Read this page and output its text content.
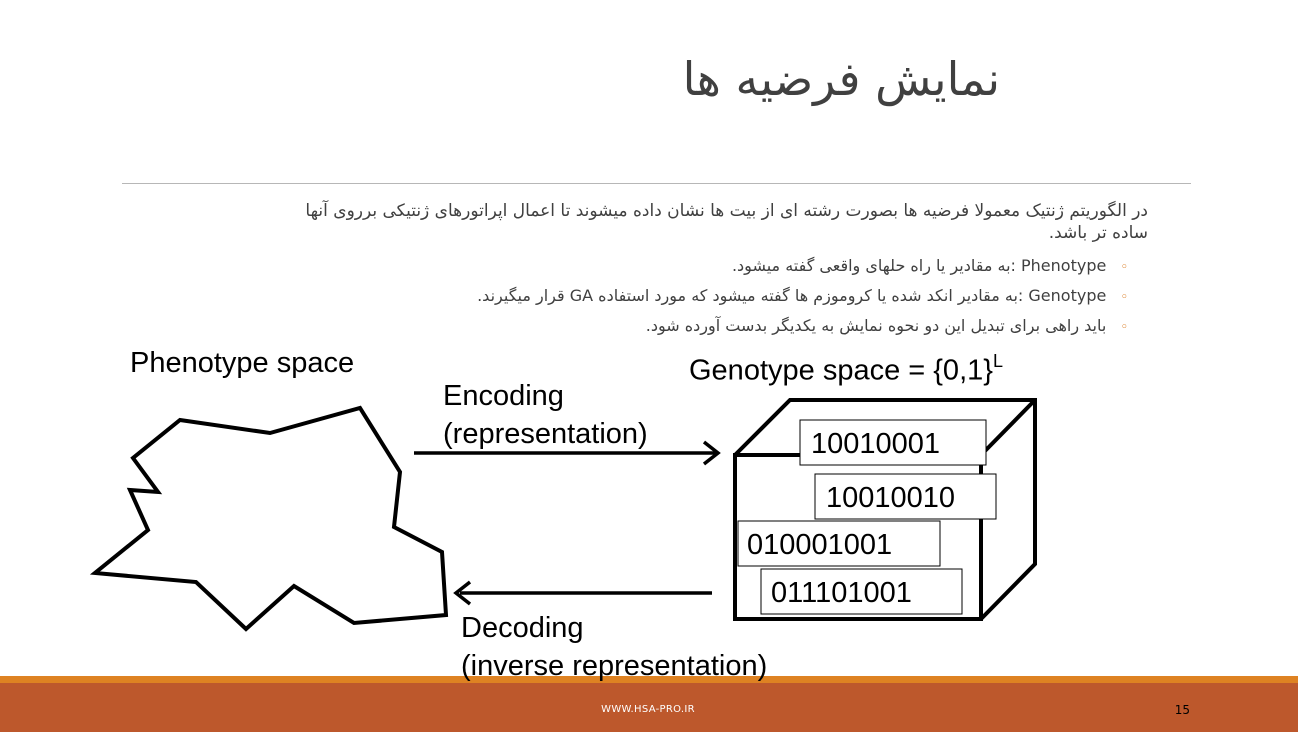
نمایش فرضیه ها
در الگوریتم ژنتیک معمولا فرضیه ها بصورت رشته ای از بیت ها نشان داده میشوند تا اعمال اپراتورهای ژنتیکی برروی آنها ساده تر باشد.
◦Phenotype :به مقادیر یا راه حلهای واقعی گفته میشود.
◦Genotype :به مقادیر انکد شده یا کروموزم ها گفته میشود که مورد استفاده GA قرار میگیرند.
◦باید راهی برای تبدیل این دو نحوه نمایش به یکدیگر بدست آورده شود.
Phenotype space	Genotype space = $\{0,1\}^L$
Encoding
(representation)
Decoding
(inverse representation)
10010001
10010010
010001001
011101001
WWW.HSA-PRO.IR	15
